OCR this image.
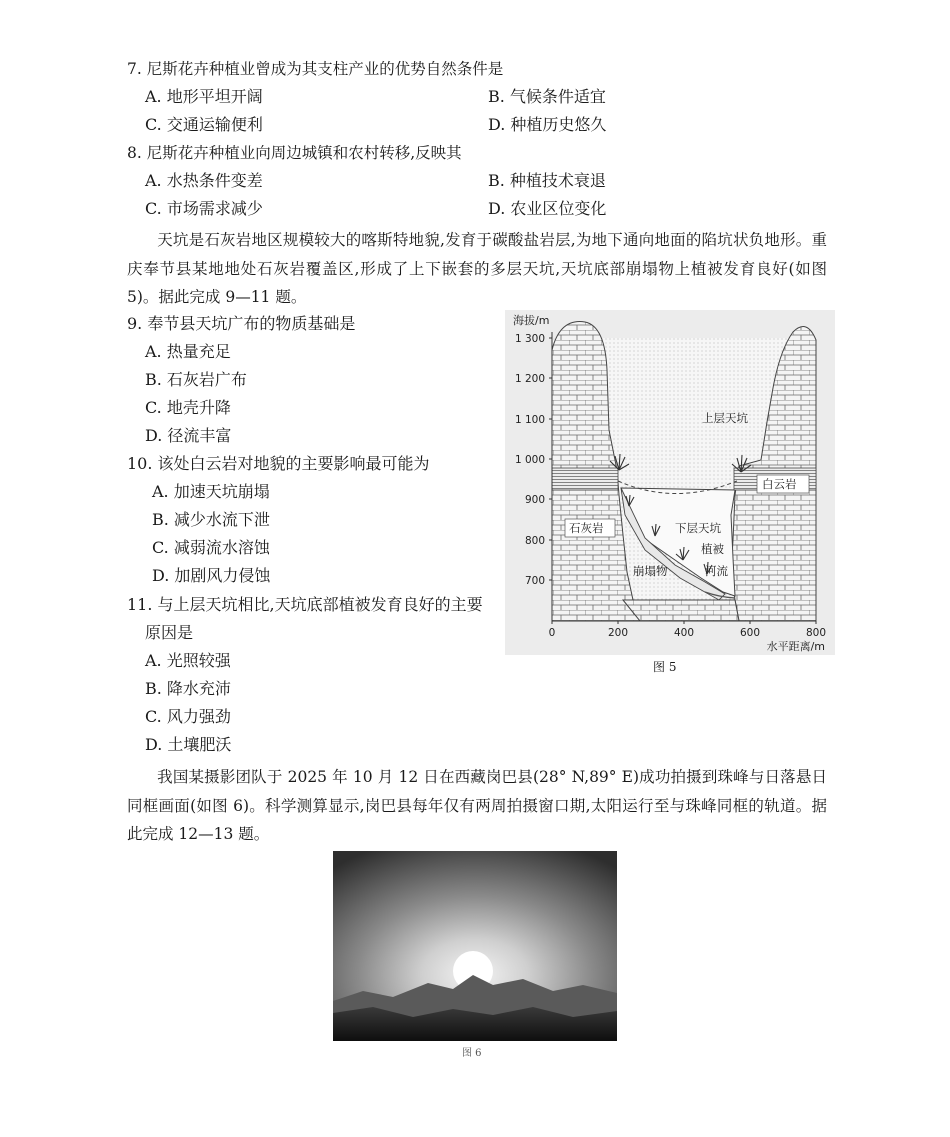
7. 尼斯花卉种植业曾成为其支柱产业的优势自然条件是
A. 地形平坦开阔	B. 气候条件适宜
C. 交通运输便利	D. 种植历史悠久
8. 尼斯花卉种植业向周边城镇和农村转移,反映其
A. 水热条件变差	B. 种植技术衰退
C. 市场需求减少	D. 农业区位变化
天坑是石灰岩地区规模较大的喀斯特地貌,发育于碳酸盐岩层,为地下通向地面的陷坑状负地形。重庆奉节县某地地处石灰岩覆盖区,形成了上下嵌套的多层天坑,天坑底部崩塌物上植被发育良好(如图 5)。据此完成 9—11 题。
9. 奉节县天坑广布的物质基础是
A. 热量充足
B. 石灰岩广布
C. 地壳升降
D. 径流丰富
10. 该处白云岩对地貌的主要影响最可能为
A. 加速天坑崩塌
B. 减少水流下泄
C. 减弱流水溶蚀
D. 加剧风力侵蚀
11. 与上层天坑相比,天坑底部植被发育良好的主要
原因是
A. 光照较强
B. 降水充沛
C. 风力强劲
D. 土壤肥沃
海拔/m
1 300
1 200
1 100
1 000
900
800
700
0	200	400	600	800
水平距离/m
上层天坑
白云岩
石灰岩	下层天坑
植被
崩塌物	河流
图 5
我国某摄影团队于 2025 年 10 月 12 日在西藏岗巴县(28° N,89° E)成功拍摄到珠峰与日落悬日同框画面(如图 6)。科学测算显示,岗巴县每年仅有两周拍摄窗口期,太阳运行至与珠峰同框的轨道。据此完成 12—13 题。
图 6
